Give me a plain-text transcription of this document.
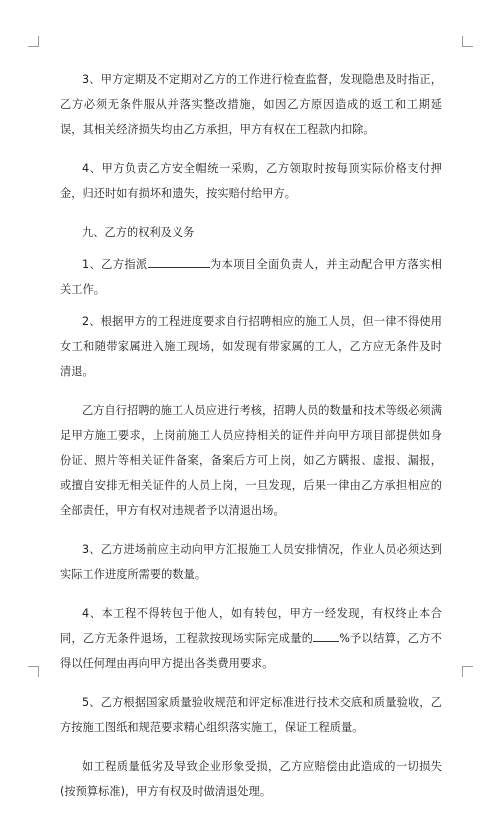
3、甲方定期及不定期对乙方的工作进行检查监督，发现隐患及时指正，乙方必须无条件服从并落实整改措施，如因乙方原因造成的返工和工期延误，其相关经济损失均由乙方承担，甲方有权在工程款内扣除。

4、甲方负责乙方安全帽统一采购，乙方领取时按每顶实际价格支付押金，归还时如有损坏和遗失，按实赔付给甲方。

九、乙方的权利及义务

1、乙方指派	为本项目全面负责人，并主动配合甲方落实相关工作。

2、根据甲方的工程进度要求自行招聘相应的施工人员，但一律不得使用女工和随带家属进入施工现场，如发现有带家属的工人，乙方应无条件及时清退。

乙方自行招聘的施工人员应进行考核，招聘人员的数量和技术等级必须满足甲方施工要求，上岗前施工人员应持相关的证件并向甲方项目部提供如身份证、照片等相关证件备案，备案后方可上岗，如乙方瞒报、虚报、漏报，或擅自安排无相关证件的人员上岗，一旦发现，后果一律由乙方承担相应的全部责任，甲方有权对违规者予以清退出场。

3、乙方进场前应主动向甲方汇报施工人员安排情况，作业人员必须达到实际工作进度所需要的数量。

4、本工程不得转包于他人，如有转包，甲方一经发现，有权终止本合同，乙方无条件退场，工程款按现场实际完成量的 %予以结算，乙方不得以任何理由再向甲方提出各类费用要求。

5、乙方根据国家质量验收规范和评定标准进行技术交底和质量验收，乙方按施工图纸和规范要求精心组织落实施工，保证工程质量。

如工程质量低劣及导致企业形象受损，乙方应赔偿由此造成的一切损失(按预算标准)，甲方有权及时做清退处理。
